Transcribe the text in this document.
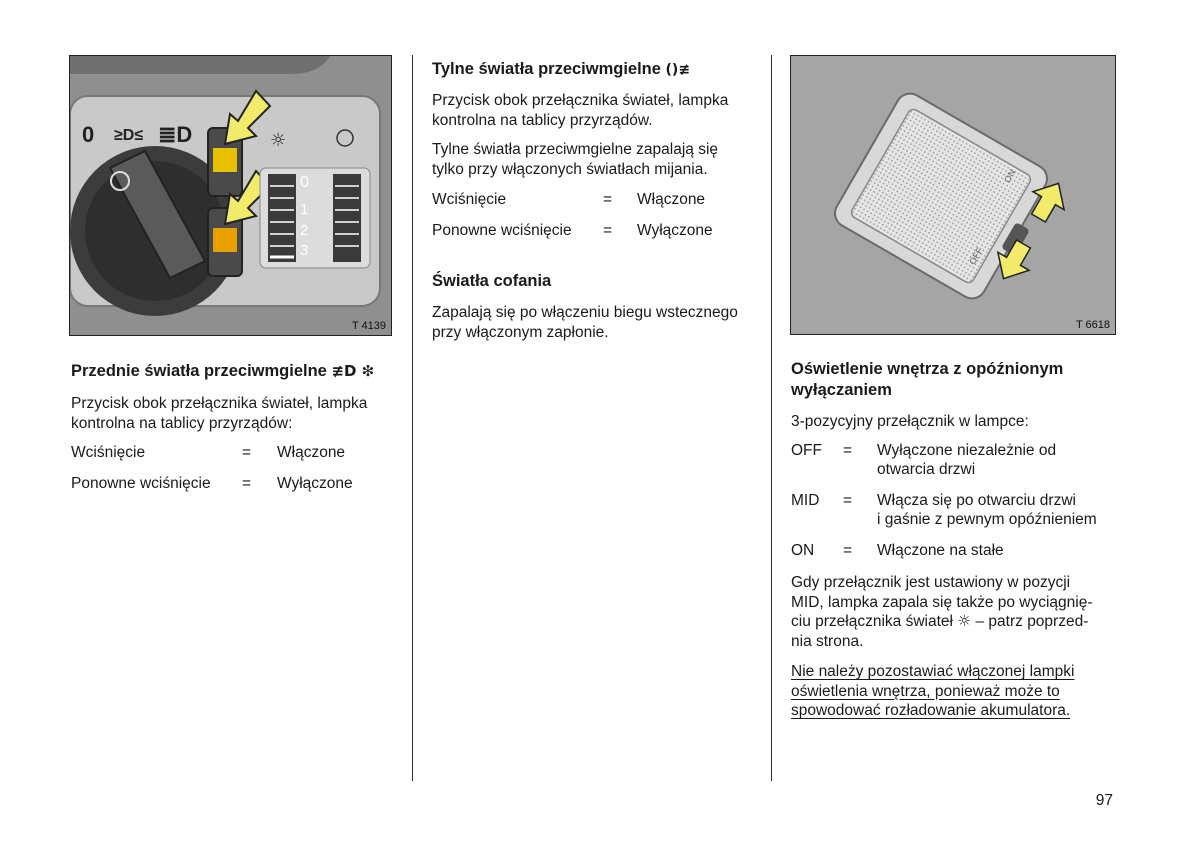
0 ≥D≤ ≣D	☼
0
1
2
3
T 4139
Przednie światła przeciwmgielne ≢D ❇

Przycisk obok przełącznika świateł, lampka kontrolna na tablicy przyrządów:

Wciśnięcie	= Włączone
Ponowne wciśnięcie = Wyłączone
Tylne światła przeciwmgielne ()≢

Przycisk obok przełącznika świateł, lampka kontrolna na tablicy przyrządów.

Tylne światła przeciwmgielne zapalają się tylko przy włączonych światłach mijania.

Wciśnięcie	= Włączone
Ponowne wciśnięcie = Wyłączone
Światła cofania

Zapalają się po włączeniu biegu wstecznego przy włączonym zapłonie.

ON
OFF
T 6618
Oświetlenie wnętrza z opóźnionym wyłączaniem

3-pozycyjny przełącznik w lampce:

OFF = Wyłączone niezależnie od
otwarcia drzwi
MID = Włącza się po otwarciu drzwi
i gaśnie z pewnym opóźnieniem
ON = Włączone na stałe
Gdy przełącznik jest ustawiony w pozycji
MID, lampka zapala się także po wyciągnię-
ciu przełącznika świateł ☼ – patrz poprzed-
nia strona.
Nie należy pozostawiać włączonej lampki
oświetlenia wnętrza, ponieważ może to
spowodować rozładowanie akumulatora.
97
